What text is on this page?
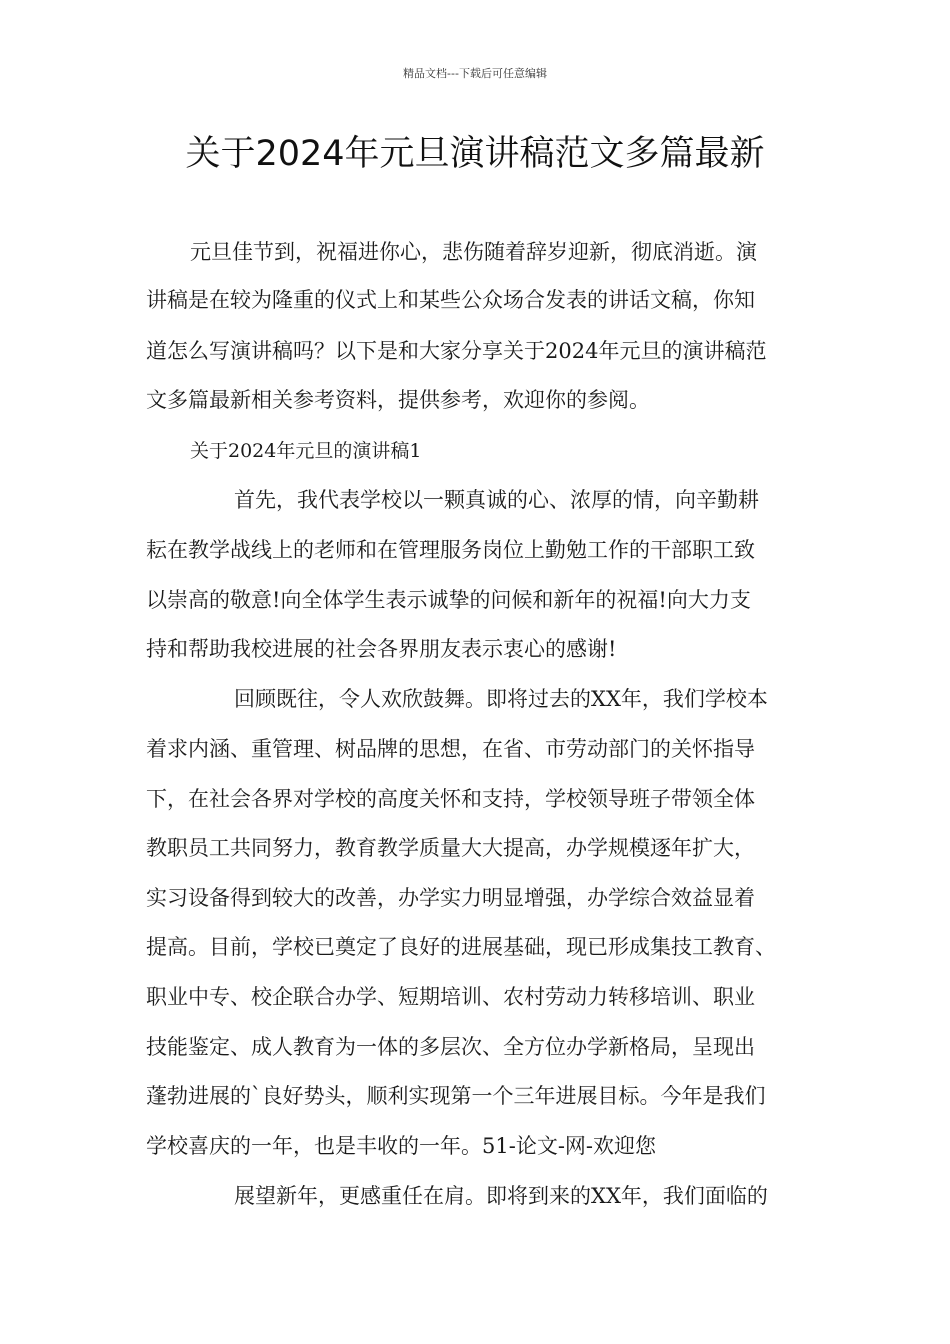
精品文档---下载后可任意编辑
关于2024年元旦演讲稿范文多篇最新
元旦佳节到，祝福进你心，悲伤随着辞岁迎新，彻底消逝。演
讲稿是在较为隆重的仪式上和某些公众场合发表的讲话文稿，你知
道怎么写演讲稿吗？以下是和大家分享关于2024年元旦的演讲稿范
文多篇最新相关参考资料，提供参考，欢迎你的参阅。
关于2024年元旦的演讲稿1
首先，我代表学校以一颗真诚的心、浓厚的情，向辛勤耕
耘在教学战线上的老师和在管理服务岗位上勤勉工作的干部职工致
以崇高的敬意!向全体学生表示诚挚的问候和新年的祝福!向大力支
持和帮助我校进展的社会各界朋友表示衷心的感谢!
回顾既往，令人欢欣鼓舞。即将过去的XX年，我们学校本
着求内涵、重管理、树品牌的思想，在省、市劳动部门的关怀指导
下，在社会各界对学校的高度关怀和支持，学校领导班子带领全体
教职员工共同努力，教育教学质量大大提高，办学规模逐年扩大，
实习设备得到较大的改善，办学实力明显增强，办学综合效益显着
提高。目前，学校已奠定了良好的进展基础，现已形成集技工教育、
职业中专、校企联合办学、短期培训、农村劳动力转移培训、职业
技能鉴定、成人教育为一体的多层次、全方位办学新格局，呈现出
蓬勃进展的`良好势头，顺利实现第一个三年进展目标。今年是我们
学校喜庆的一年，也是丰收的一年。51-论文-网-欢迎您
展望新年，更感重任在肩。即将到来的XX年，我们面临的
